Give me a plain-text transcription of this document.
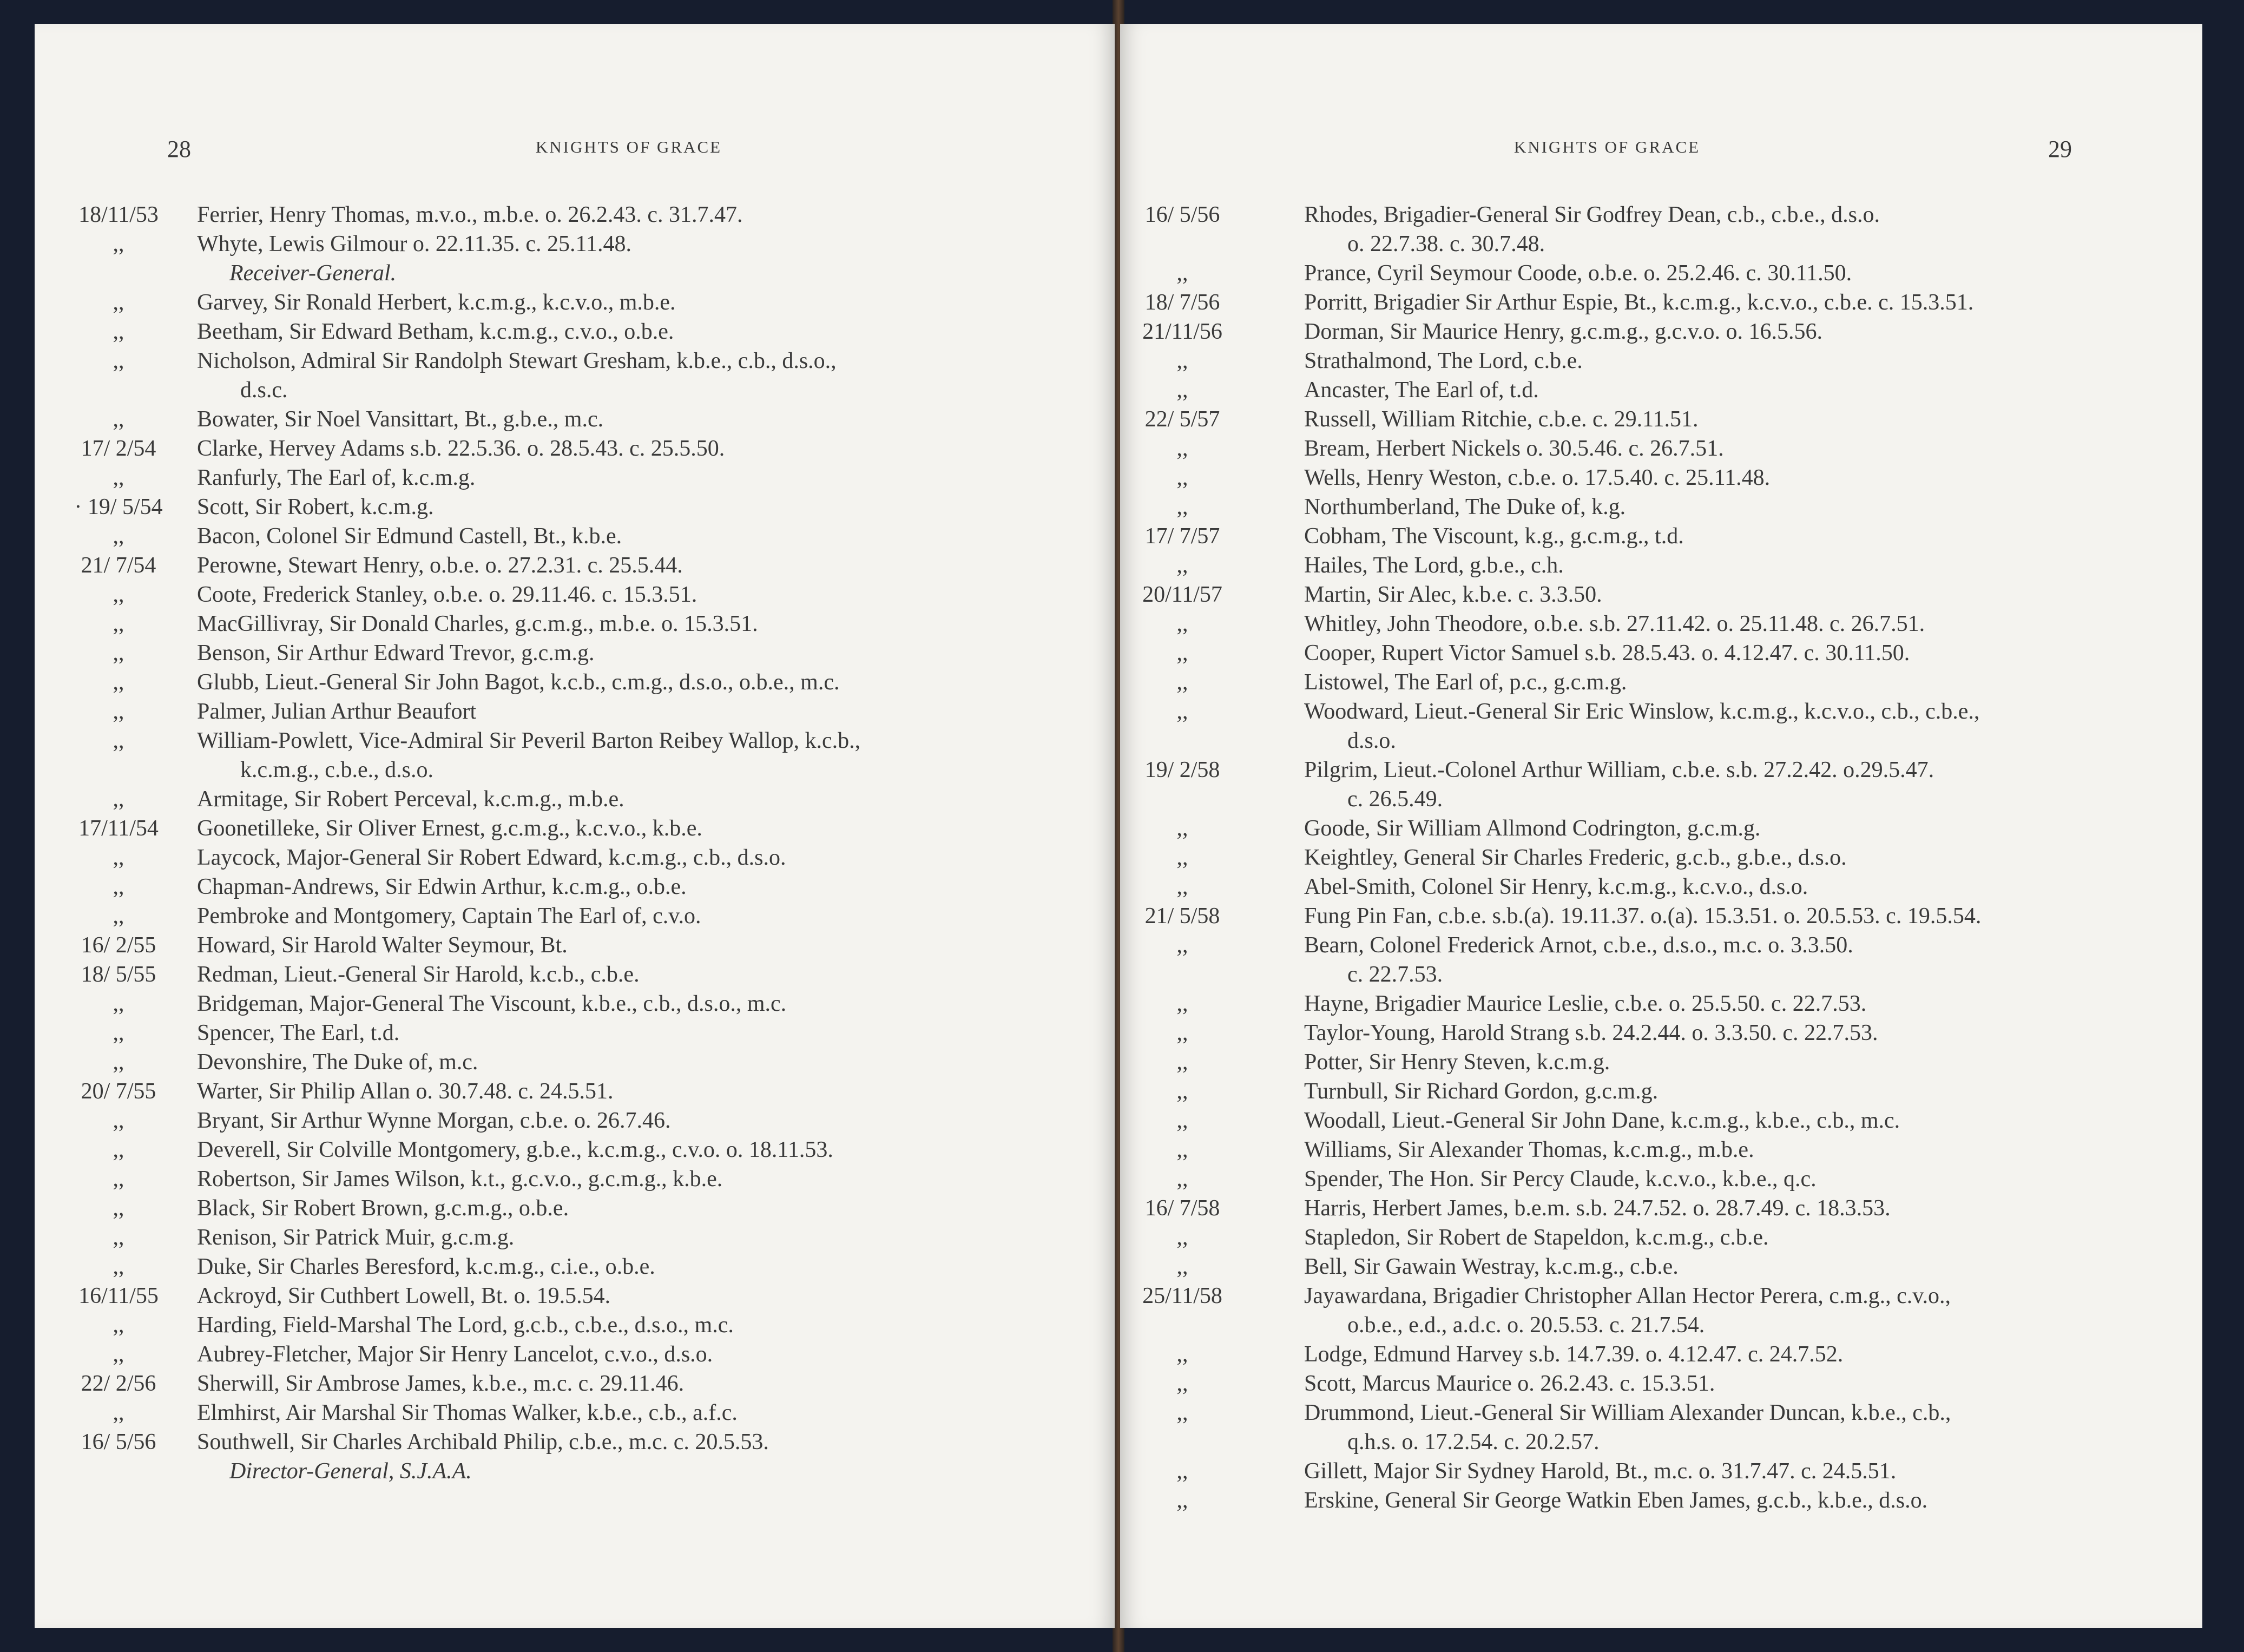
28	KNIGHTS OF GRACE
18/11/53	Ferrier, Henry Thomas, m.v.o., m.b.e. o. 26.2.43. c. 31.7.47.
,,	Whyte, Lewis Gilmour o. 22.11.35. c. 25.11.48.
Receiver-General.
,,	Garvey, Sir Ronald Herbert, k.c.m.g., k.c.v.o., m.b.e.
,,	Beetham, Sir Edward Betham, k.c.m.g., c.v.o., o.b.e.
,,	Nicholson, Admiral Sir Randolph Stewart Gresham, k.b.e., c.b., d.s.o.,
d.s.c.
,,	Bowater, Sir Noel Vansittart, Bt., g.b.e., m.c.
17/ 2/54	Clarke, Hervey Adams s.b. 22.5.36. o. 28.5.43. c. 25.5.50.
,,	Ranfurly, The Earl of, k.c.m.g.
· 19/ 5/54	Scott, Sir Robert, k.c.m.g.
,,	Bacon, Colonel Sir Edmund Castell, Bt., k.b.e.
21/ 7/54	Perowne, Stewart Henry, o.b.e. o. 27.2.31. c. 25.5.44.
,,	Coote, Frederick Stanley, o.b.e. o. 29.11.46. c. 15.3.51.
,,	MacGillivray, Sir Donald Charles, g.c.m.g., m.b.e. o. 15.3.51.
,,	Benson, Sir Arthur Edward Trevor, g.c.m.g.
,,	Glubb, Lieut.-General Sir John Bagot, k.c.b., c.m.g., d.s.o., o.b.e., m.c.
,,	Palmer, Julian Arthur Beaufort
,,	William-Powlett, Vice-Admiral Sir Peveril Barton Reibey Wallop, k.c.b.,
k.c.m.g., c.b.e., d.s.o.
,,	Armitage, Sir Robert Perceval, k.c.m.g., m.b.e.
17/11/54	Goonetilleke, Sir Oliver Ernest, g.c.m.g., k.c.v.o., k.b.e.
,,	Laycock, Major-General Sir Robert Edward, k.c.m.g., c.b., d.s.o.
,,	Chapman-Andrews, Sir Edwin Arthur, k.c.m.g., o.b.e.
,,	Pembroke and Montgomery, Captain The Earl of, c.v.o.
16/ 2/55	Howard, Sir Harold Walter Seymour, Bt.
18/ 5/55	Redman, Lieut.-General Sir Harold, k.c.b., c.b.e.
,,	Bridgeman, Major-General The Viscount, k.b.e., c.b., d.s.o., m.c.
,,	Spencer, The Earl, t.d.
,,	Devonshire, The Duke of, m.c.
20/ 7/55	Warter, Sir Philip Allan o. 30.7.48. c. 24.5.51.
,,	Bryant, Sir Arthur Wynne Morgan, c.b.e. o. 26.7.46.
,,	Deverell, Sir Colville Montgomery, g.b.e., k.c.m.g., c.v.o. o. 18.11.53.
,,	Robertson, Sir James Wilson, k.t., g.c.v.o., g.c.m.g., k.b.e.
,,	Black, Sir Robert Brown, g.c.m.g., o.b.e.
,,	Renison, Sir Patrick Muir, g.c.m.g.
,,	Duke, Sir Charles Beresford, k.c.m.g., c.i.e., o.b.e.
16/11/55	Ackroyd, Sir Cuthbert Lowell, Bt. o. 19.5.54.
,,	Harding, Field-Marshal The Lord, g.c.b., c.b.e., d.s.o., m.c.
,,	Aubrey-Fletcher, Major Sir Henry Lancelot, c.v.o., d.s.o.
22/ 2/56	Sherwill, Sir Ambrose James, k.b.e., m.c. c. 29.11.46.
,,	Elmhirst, Air Marshal Sir Thomas Walker, k.b.e., c.b., a.f.c.
16/ 5/56	Southwell, Sir Charles Archibald Philip, c.b.e., m.c. c. 20.5.53.
Director-General, S.J.A.A.
KNIGHTS OF GRACE	29
16/ 5/56	Rhodes, Brigadier-General Sir Godfrey Dean, c.b., c.b.e., d.s.o.
o. 22.7.38. c. 30.7.48.
,,	Prance, Cyril Seymour Coode, o.b.e. o. 25.2.46. c. 30.11.50.
18/ 7/56	Porritt, Brigadier Sir Arthur Espie, Bt., k.c.m.g., k.c.v.o., c.b.e. c. 15.3.51.
21/11/56	Dorman, Sir Maurice Henry, g.c.m.g., g.c.v.o. o. 16.5.56.
,,	Strathalmond, The Lord, c.b.e.
,,	Ancaster, The Earl of, t.d.
22/ 5/57	Russell, William Ritchie, c.b.e. c. 29.11.51.
,,	Bream, Herbert Nickels o. 30.5.46. c. 26.7.51.
,,	Wells, Henry Weston, c.b.e. o. 17.5.40. c. 25.11.48.
,,	Northumberland, The Duke of, k.g.
17/ 7/57	Cobham, The Viscount, k.g., g.c.m.g., t.d.
,,	Hailes, The Lord, g.b.e., c.h.
20/11/57	Martin, Sir Alec, k.b.e. c. 3.3.50.
,,	Whitley, John Theodore, o.b.e. s.b. 27.11.42. o. 25.11.48. c. 26.7.51.
,,	Cooper, Rupert Victor Samuel s.b. 28.5.43. o. 4.12.47. c. 30.11.50.
,,	Listowel, The Earl of, p.c., g.c.m.g.
,,	Woodward, Lieut.-General Sir Eric Winslow, k.c.m.g., k.c.v.o., c.b., c.b.e.,
d.s.o.
19/ 2/58	Pilgrim, Lieut.-Colonel Arthur William, c.b.e. s.b. 27.2.42. o.29.5.47.
c. 26.5.49.
,,	Goode, Sir William Allmond Codrington, g.c.m.g.
,,	Keightley, General Sir Charles Frederic, g.c.b., g.b.e., d.s.o.
,,	Abel-Smith, Colonel Sir Henry, k.c.m.g., k.c.v.o., d.s.o.
21/ 5/58	Fung Pin Fan, c.b.e. s.b.(a). 19.11.37. o.(a). 15.3.51. o. 20.5.53. c. 19.5.54.
,,	Bearn, Colonel Frederick Arnot, c.b.e., d.s.o., m.c. o. 3.3.50.
c. 22.7.53.
,,	Hayne, Brigadier Maurice Leslie, c.b.e. o. 25.5.50. c. 22.7.53.
,,	Taylor-Young, Harold Strang s.b. 24.2.44. o. 3.3.50. c. 22.7.53.
,,	Potter, Sir Henry Steven, k.c.m.g.
,,	Turnbull, Sir Richard Gordon, g.c.m.g.
,,	Woodall, Lieut.-General Sir John Dane, k.c.m.g., k.b.e., c.b., m.c.
,,	Williams, Sir Alexander Thomas, k.c.m.g., m.b.e.
,,	Spender, The Hon. Sir Percy Claude, k.c.v.o., k.b.e., q.c.
16/ 7/58	Harris, Herbert James, b.e.m. s.b. 24.7.52. o. 28.7.49. c. 18.3.53.
,,	Stapledon, Sir Robert de Stapeldon, k.c.m.g., c.b.e.
,,	Bell, Sir Gawain Westray, k.c.m.g., c.b.e.
25/11/58	Jayawardana, Brigadier Christopher Allan Hector Perera, c.m.g., c.v.o.,
o.b.e., e.d., a.d.c. o. 20.5.53. c. 21.7.54.
,,	Lodge, Edmund Harvey s.b. 14.7.39. o. 4.12.47. c. 24.7.52.
,,	Scott, Marcus Maurice o. 26.2.43. c. 15.3.51.
,,	Drummond, Lieut.-General Sir William Alexander Duncan, k.b.e., c.b.,
q.h.s. o. 17.2.54. c. 20.2.57.
,,	Gillett, Major Sir Sydney Harold, Bt., m.c. o. 31.7.47. c. 24.5.51.
,,	Erskine, General Sir George Watkin Eben James, g.c.b., k.b.e., d.s.o.
